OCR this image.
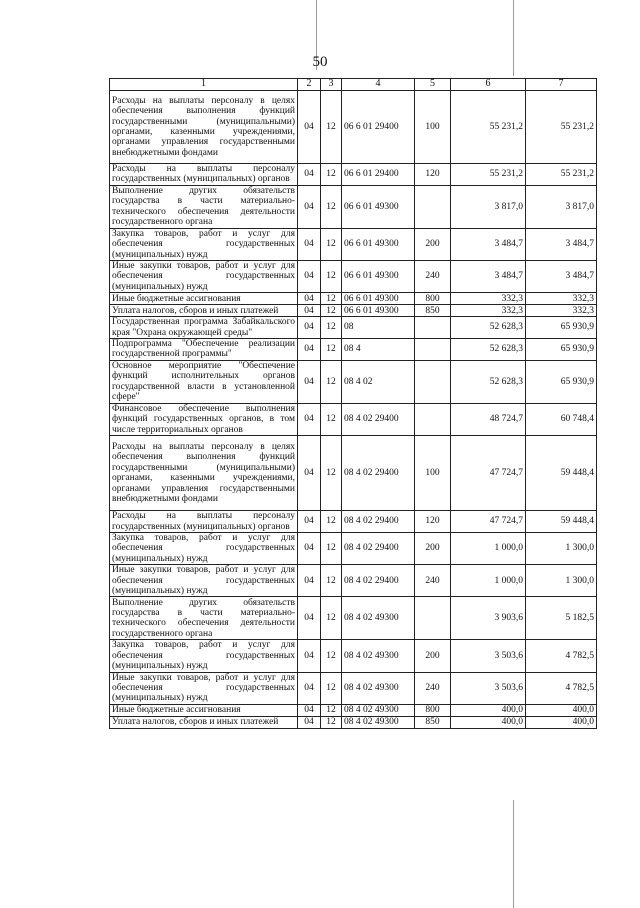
50
1	2	3	4	5	6	7
Расходы на выплаты персоналу в целях обеспечения выполнения функций государственными (муниципальными) органами, казенными учреждениями, органами управления государственными внебюджетными фондами	04	12	06 6 01 29400	100	55 231,2	55 231,2
Расходы на выплаты персоналу государственных (муниципальных) органов	04	12	06 6 01 29400	120	55 231,2	55 231,2
Выполнение других обязательств государства в части материально-технического обеспечения деятельности государственного органа	04	12	06 6 01 49300		3 817,0	3 817,0
Закупка товаров, работ и услуг для обеспечения государственных (муниципальных) нужд	04	12	06 6 01 49300	200	3 484,7	3 484,7
Иные закупки товаров, работ и услуг для обеспечения государственных (муниципальных) нужд	04	12	06 6 01 49300	240	3 484,7	3 484,7
Иные бюджетные ассигнования	04	12	06 6 01 49300	800	332,3	332,3
Уплата налогов, сборов и иных платежей	04	12	06 6 01 49300	850	332,3	332,3
Государственная программа Забайкальского края "Охрана окружающей среды"	04	12	08		52 628,3	65 930,9
Подпрограмма "Обеспечение реализации государственной программы"	04	12	08 4		52 628,3	65 930,9
Основное мероприятие "Обеспечение функций исполнительных органов государственной власти в установленной сфере"	04	12	08 4 02		52 628,3	65 930,9
Финансовое обеспечение выполнения функций государственных органов, в том числе территориальных органов	04	12	08 4 02 29400		48 724,7	60 748,4
Расходы на выплаты персоналу в целях обеспечения выполнения функций государственными (муниципальными) органами, казенными учреждениями, органами управления государственными внебюджетными фондами	04	12	08 4 02 29400	100	47 724,7	59 448,4
Расходы на выплаты персоналу государственных (муниципальных) органов	04	12	08 4 02 29400	120	47 724,7	59 448,4
Закупка товаров, работ и услуг для обеспечения государственных (муниципальных) нужд	04	12	08 4 02 29400	200	1 000,0	1 300,0
Иные закупки товаров, работ и услуг для обеспечения государственных (муниципальных) нужд	04	12	08 4 02 29400	240	1 000,0	1 300,0
Выполнение других обязательств государства в части материально-технического обеспечения деятельности государственного органа	04	12	08 4 02 49300		3 903,6	5 182,5
Закупка товаров, работ и услуг для обеспечения государственных (муниципальных) нужд	04	12	08 4 02 49300	200	3 503,6	4 782,5
Иные закупки товаров, работ и услуг для обеспечения государственных (муниципальных) нужд	04	12	08 4 02 49300	240	3 503,6	4 782,5
Иные бюджетные ассигнования	04	12	08 4 02 49300	800	400,0	400,0
Уплата налогов, сборов и иных платежей	04	12	08 4 02 49300	850	400,0	400,0
